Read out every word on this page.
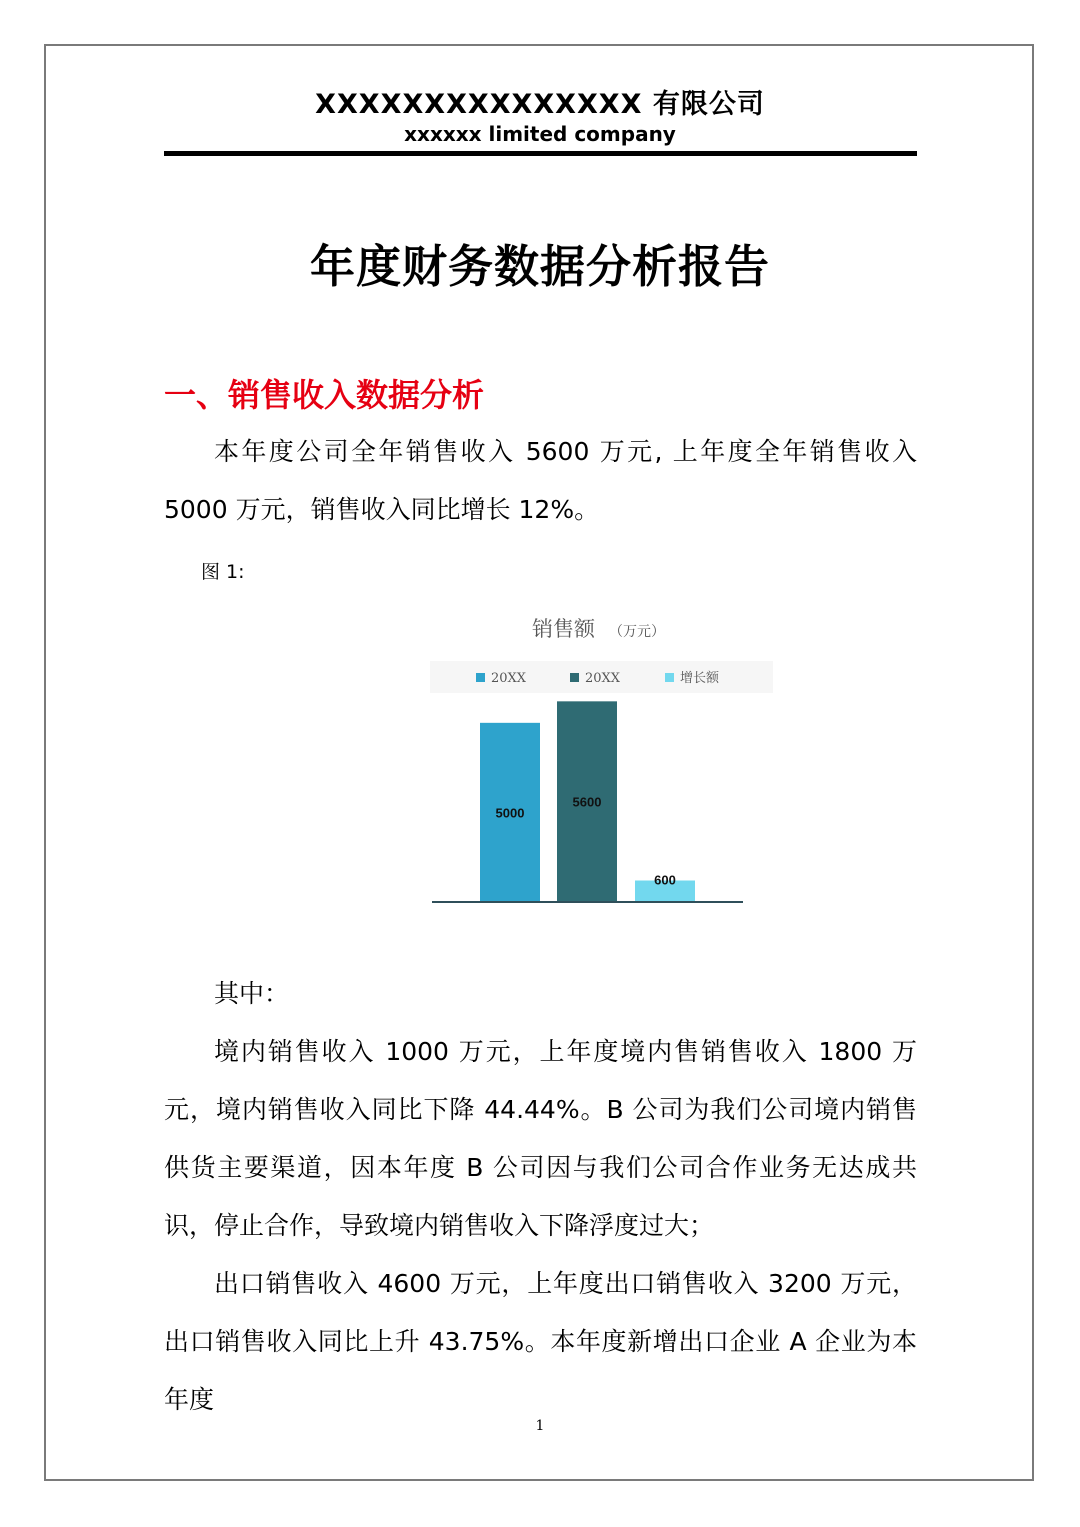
XXXXXXXXXXXXXXX 有限公司
xxxxxx limited company
年度财务数据分析报告
一、销售收入数据分析

本年度公司全年销售收入 5600 万元, 上年度全年销售收入 5000 万元，销售收入同比增长 12%。

图 1:
销售额 （万元）
20XX	20XX	增长额
5000
5600
600

其中：

境内销售收入 1000 万元，上年度境内售销售收入 1800 万元，境内销售收入同比下降 44.44%。B 公司为我们公司境内销售供货主要渠道，因本年度 B 公司因与我们公司合作业务无达成共识，停止合作，导致境内销售收入下降浮度过大；

出口销售收入 4600 万元，上年度出口销售收入 3200 万元，出口销售收入同比上升 43.75%。本年度新增出口企业 A 企业为本年度

1
